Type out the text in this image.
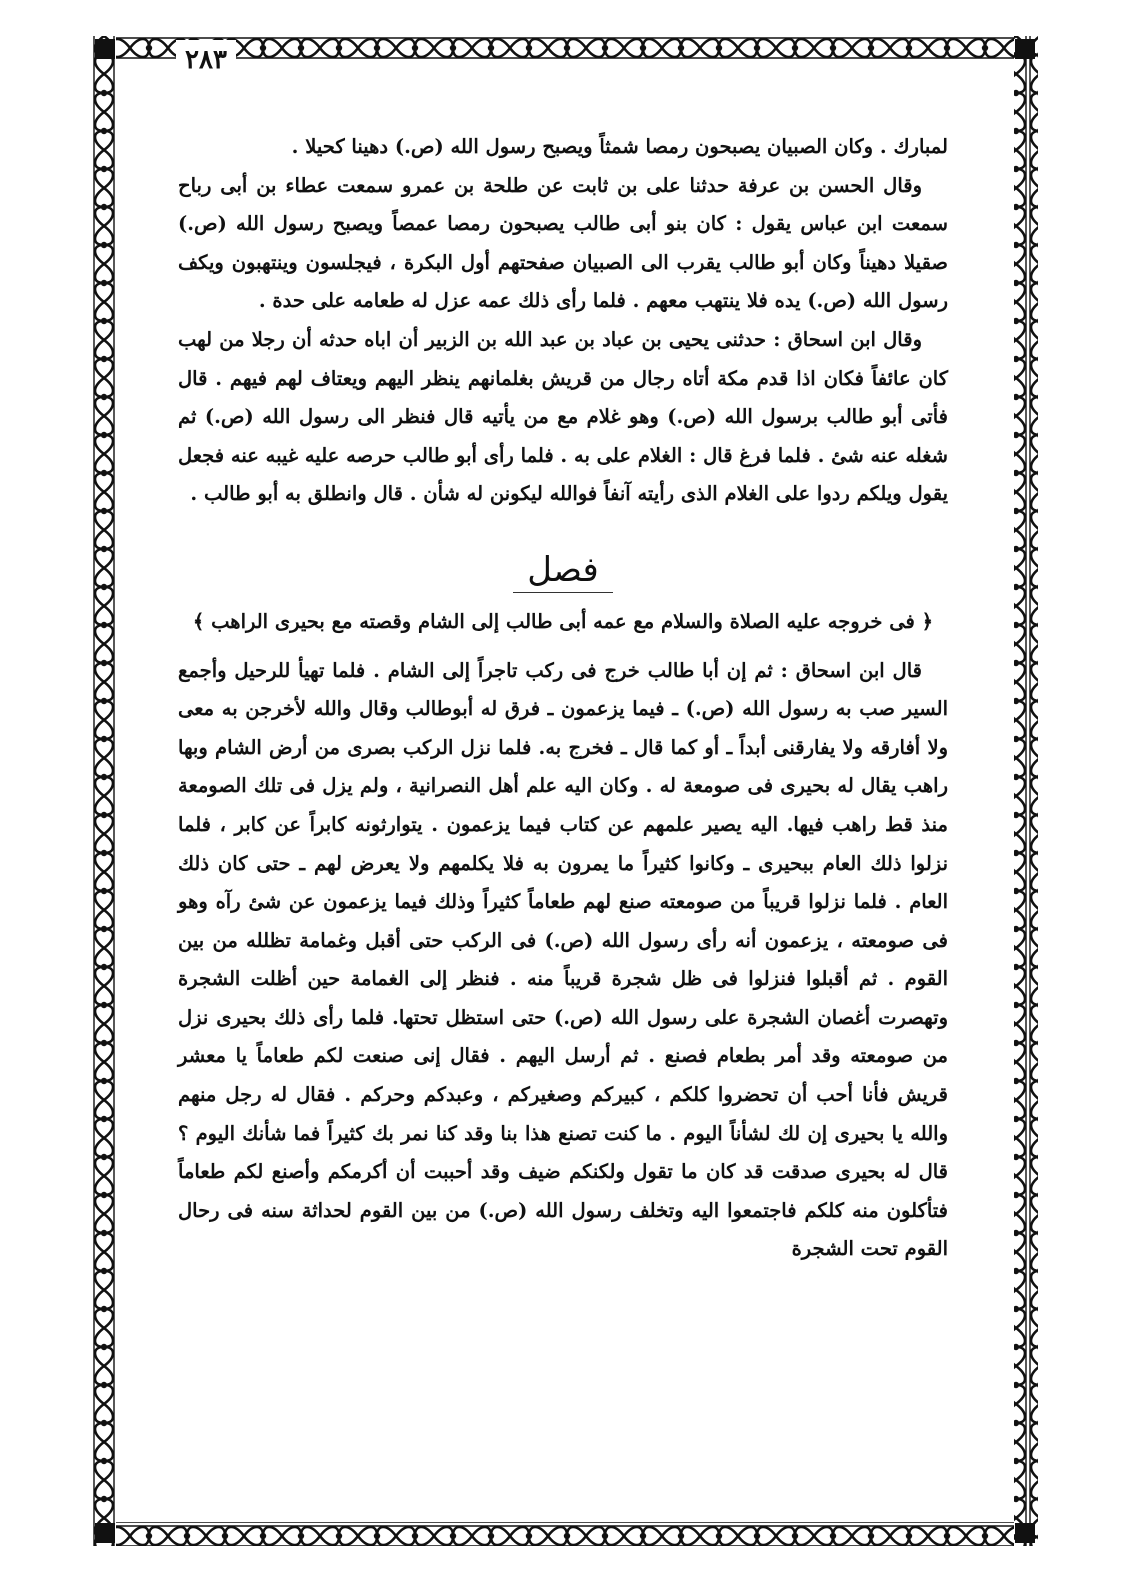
٢٨٣

لمبارك . وكان الصبيان يصبحون رمصا شمثاً ويصبح رسول الله (ص.) دهينا كحيلا .

وقال الحسن بن عرفة حدثنا على بن ثابت عن طلحة بن عمرو سمعت عطاء بن أبى رباح سمعت ابن عباس يقول : كان بنو أبى طالب يصبحون رمصا عمصاً ويصبح رسول الله (ص.) صقيلا دهيناً وكان أبو طالب يقرب الى الصبيان صفحتهم أول البكرة ، فيجلسون وينتهبون ويكف رسول الله (ص.) يده فلا ينتهب معهم . فلما رأى ذلك عمه عزل له طعامه على حدة .

وقال ابن اسحاق : حدثنى يحيى بن عباد بن عبد الله بن الزبير أن اباه حدثه أن رجلا من لهب كان عائفاً فكان اذا قدم مكة أتاه رجال من قريش بغلمانهم ينظر اليهم ويعتاف لهم فيهم . قال فأتى أبو طالب برسول الله (ص.) وهو غلام مع من يأتيه قال فنظر الى رسول الله (ص.) ثم شغله عنه شئ . فلما فرغ قال : الغلام على به . فلما رأى أبو طالب حرصه عليه غيبه عنه فجعل يقول ويلكم ردوا على الغلام الذى رأيته آنفاً فوالله ليكونن له شأن . قال وانطلق به أبو طالب .

فصل

﴿ فى خروجه عليه الصلاة والسلام مع عمه أبى طالب إلى الشام وقصته مع بحيرى الراهب ﴾

قال ابن اسحاق : ثم إن أبا طالب خرج فى ركب تاجراً إلى الشام . فلما تهيأ للرحيل وأجمع السير صب به رسول الله (ص.) ـ فيما يزعمون ـ فرق له أبوطالب وقال والله لأخرجن به معى ولا أفارقه ولا يفارقنى أبداً ـ أو كما قال ـ فخرج به. فلما نزل الركب بصرى من أرض الشام وبها راهب يقال له بحيرى فى صومعة له . وكان اليه علم أهل النصرانية ، ولم يزل فى تلك الصومعة منذ قط راهب فيها. اليه يصير علمهم عن كتاب فيما يزعمون . يتوارثونه كابراً عن كابر ، فلما نزلوا ذلك العام ببحيرى ـ وكانوا كثيراً ما يمرون به فلا يكلمهم ولا يعرض لهم ـ حتى كان ذلك العام . فلما نزلوا قريباً من صومعته صنع لهم طعاماً كثيراً وذلك فيما يزعمون عن شئ رآه وهو فى صومعته ، يزعمون أنه رأى رسول الله (ص.) فى الركب حتى أقبل وغمامة تظلله من بين القوم . ثم أقبلوا فنزلوا فى ظل شجرة قريباً منه . فنظر إلى الغمامة حين أظلت الشجرة وتهصرت أغصان الشجرة على رسول الله (ص.) حتى استظل تحتها. فلما رأى ذلك بحيرى نزل من صومعته وقد أمر بطعام فصنع . ثم أرسل اليهم . فقال إنى صنعت لكم طعاماً يا معشر قريش فأنا أحب أن تحضروا كلكم ، كبيركم وصغيركم ، وعبدكم وحركم . فقال له رجل منهم والله يا بحيرى إن لك لشأناً اليوم . ما كنت تصنع هذا بنا وقد كنا نمر بك كثيراً فما شأنك اليوم ؟ قال له بحيرى صدقت قد كان ما تقول ولكنكم ضيف وقد أحببت أن أكرمكم وأصنع لكم طعاماً فتأكلون منه كلكم فاجتمعوا اليه وتخلف رسول الله (ص.) من بين القوم لحداثة سنه فى رحال القوم تحت الشجرة
